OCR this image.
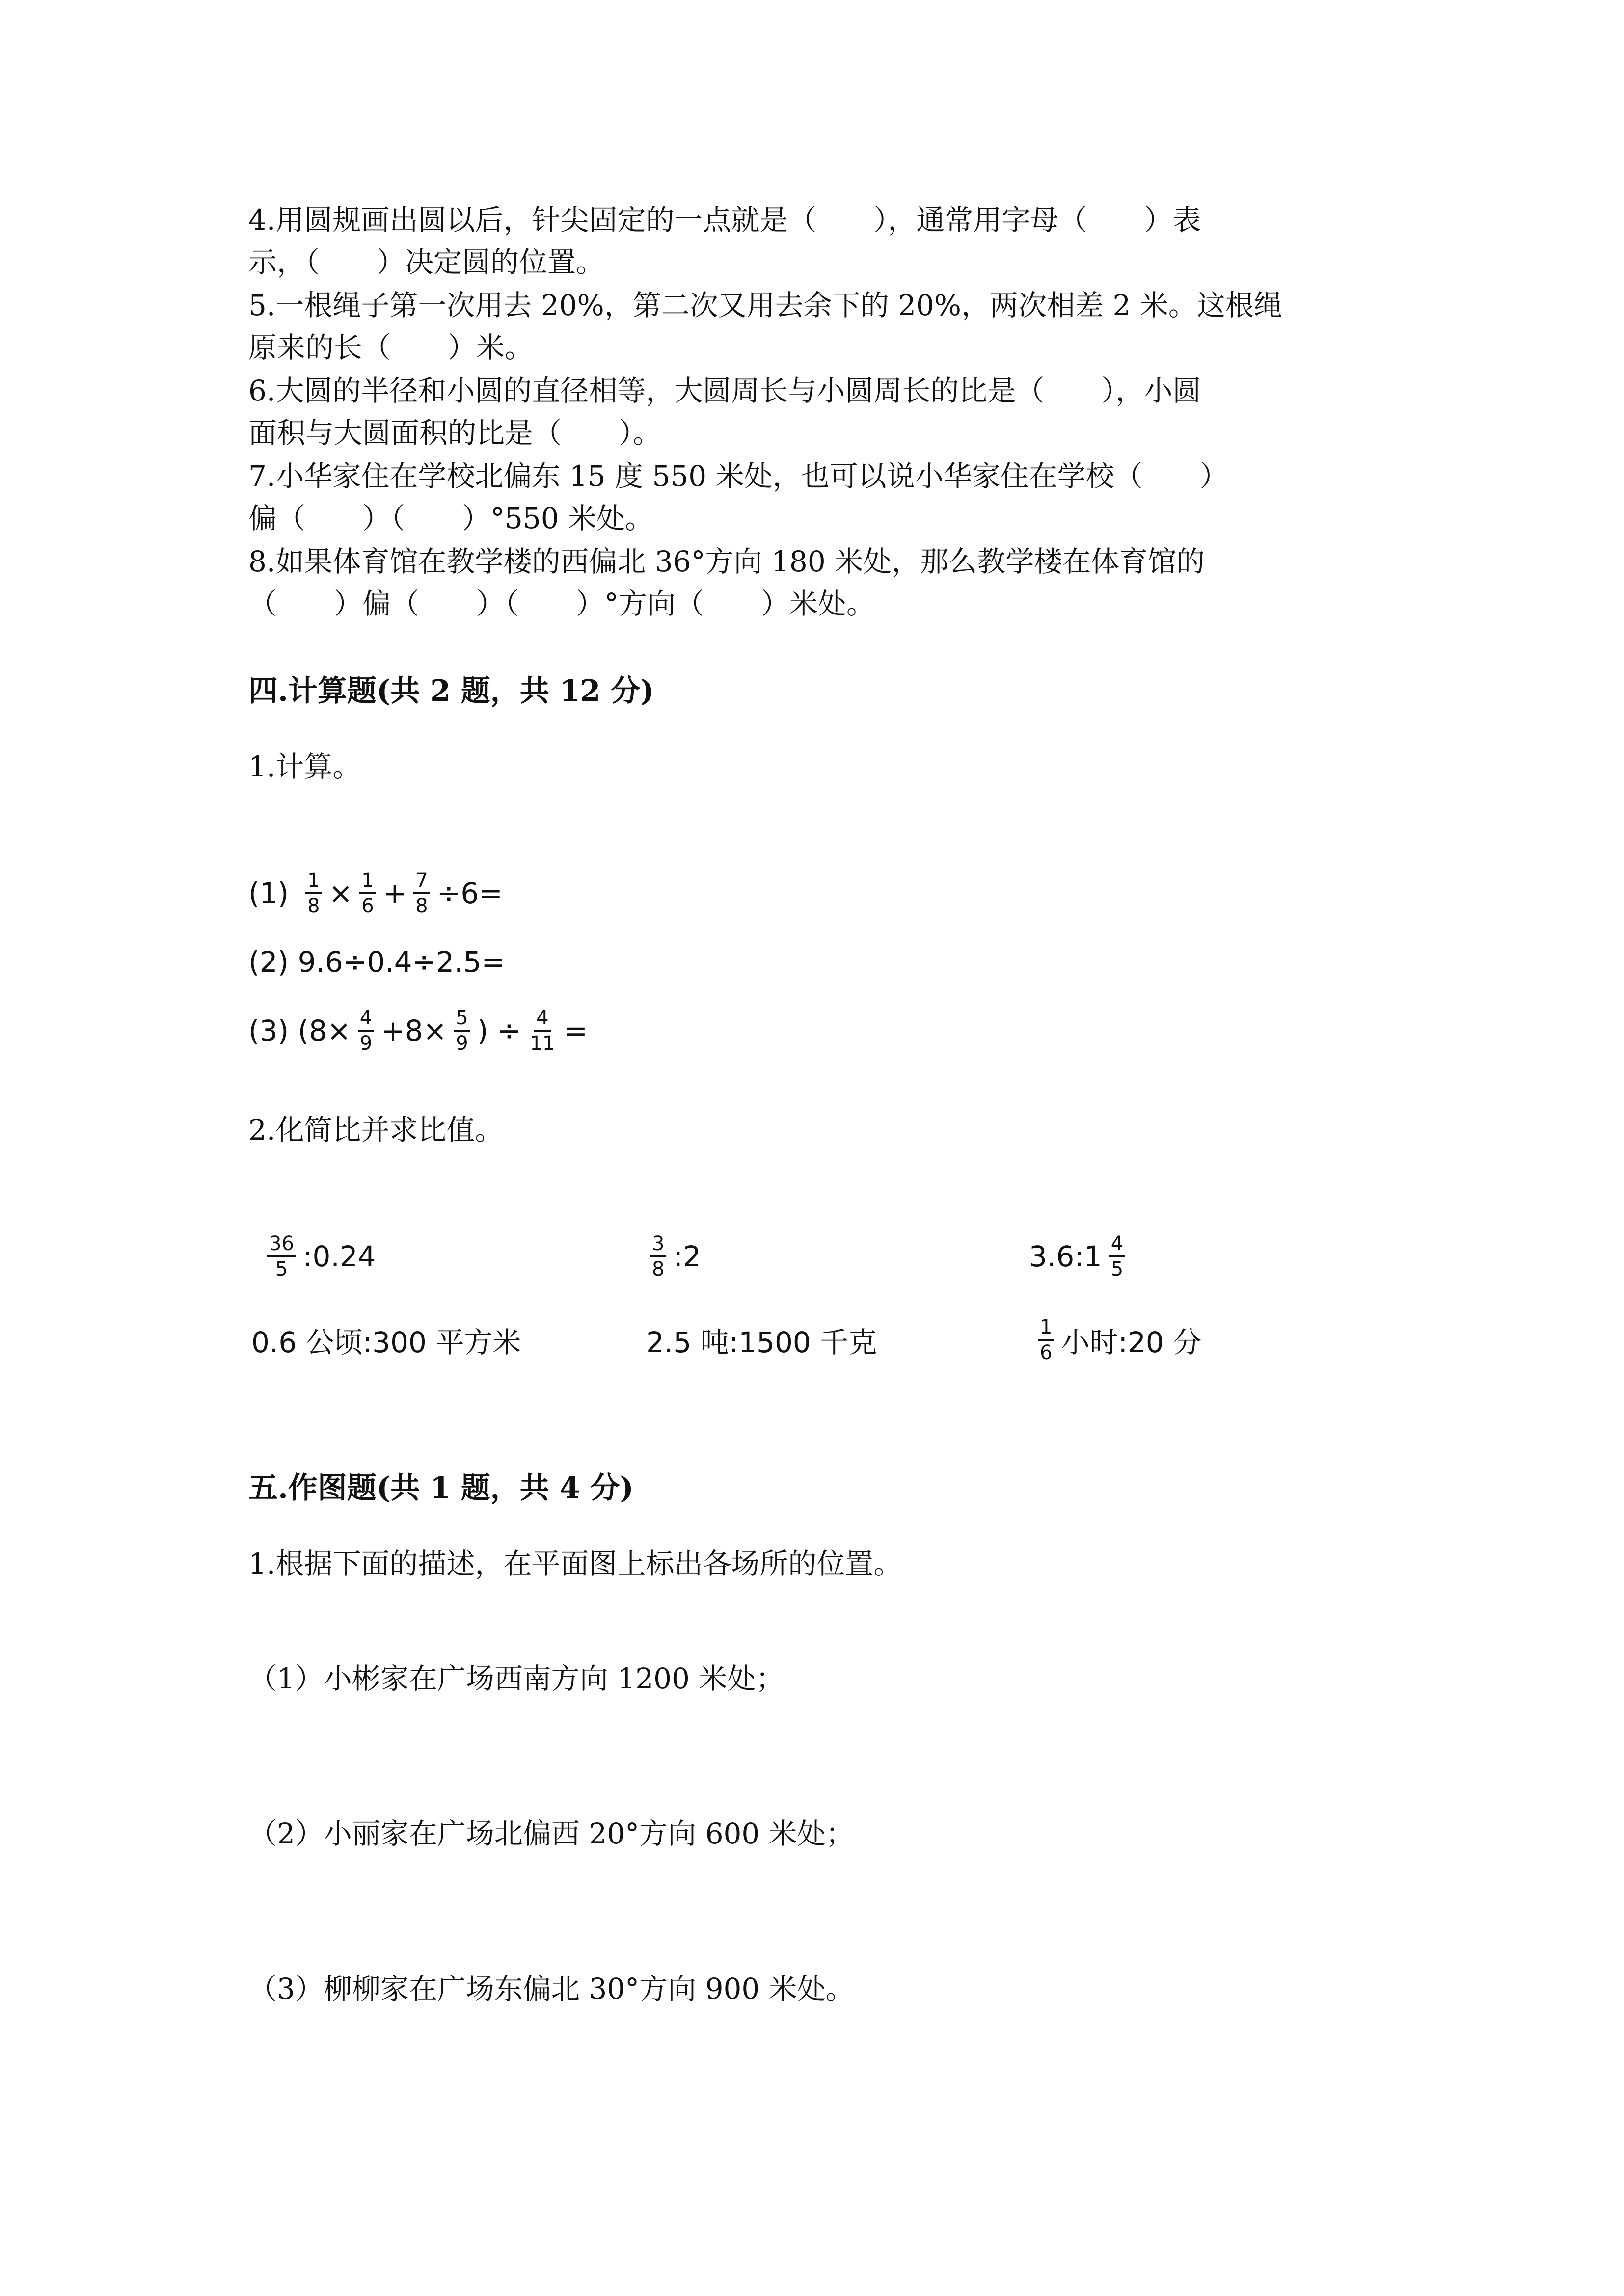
4.用圆规画出圆以后，针尖固定的一点就是（　　），通常用字母（　　）表
示，（　　）决定圆的位置。
5.一根绳子第一次用去 20%，第二次又用去余下的 20%，两次相差 2 米。这根绳
原来的长（　　）米。
6.大圆的半径和小圆的直径相等，大圆周长与小圆周长的比是（　　），小圆
面积与大圆面积的比是（　　）。
7.小华家住在学校北偏东 15 度 550 米处，也可以说小华家住在学校（　　）
偏（　　）（　　）°550 米处。
8.如果体育馆在教学楼的西偏北 36°方向 180 米处，那么教学楼在体育馆的
（　　）偏（　　）（　　）°方向（　　）米处。
四.计算题(共 2 题，共 12 分)
1.计算。
$(1) \frac{1}{8} \times \frac{1}{6} + \frac{7}{8} \div 6=$
(2) 9.6÷0.4÷2.5=
(3) ($8\times \frac{4}{9} +8\times \frac{5}{9}$ ) ÷ $\frac{4}{11}$ =
2.化简比并求比值。
$\frac{36}{5}$ :0.24	$\frac{3}{8}$ :2	3.6:1 $\frac{4}{5}$
0.6 公顷:300 平方米	2.5 吨:1500 千克	$\frac{1}{6}$ 小时:20 分
五.作图题(共 1 题，共 4 分)
1.根据下面的描述，在平面图上标出各场所的位置。
（1）小彬家在广场西南方向 1200 米处；
（2）小丽家在广场北偏西 20°方向 600 米处；
（3）柳柳家在广场东偏北 30°方向 900 米处。
